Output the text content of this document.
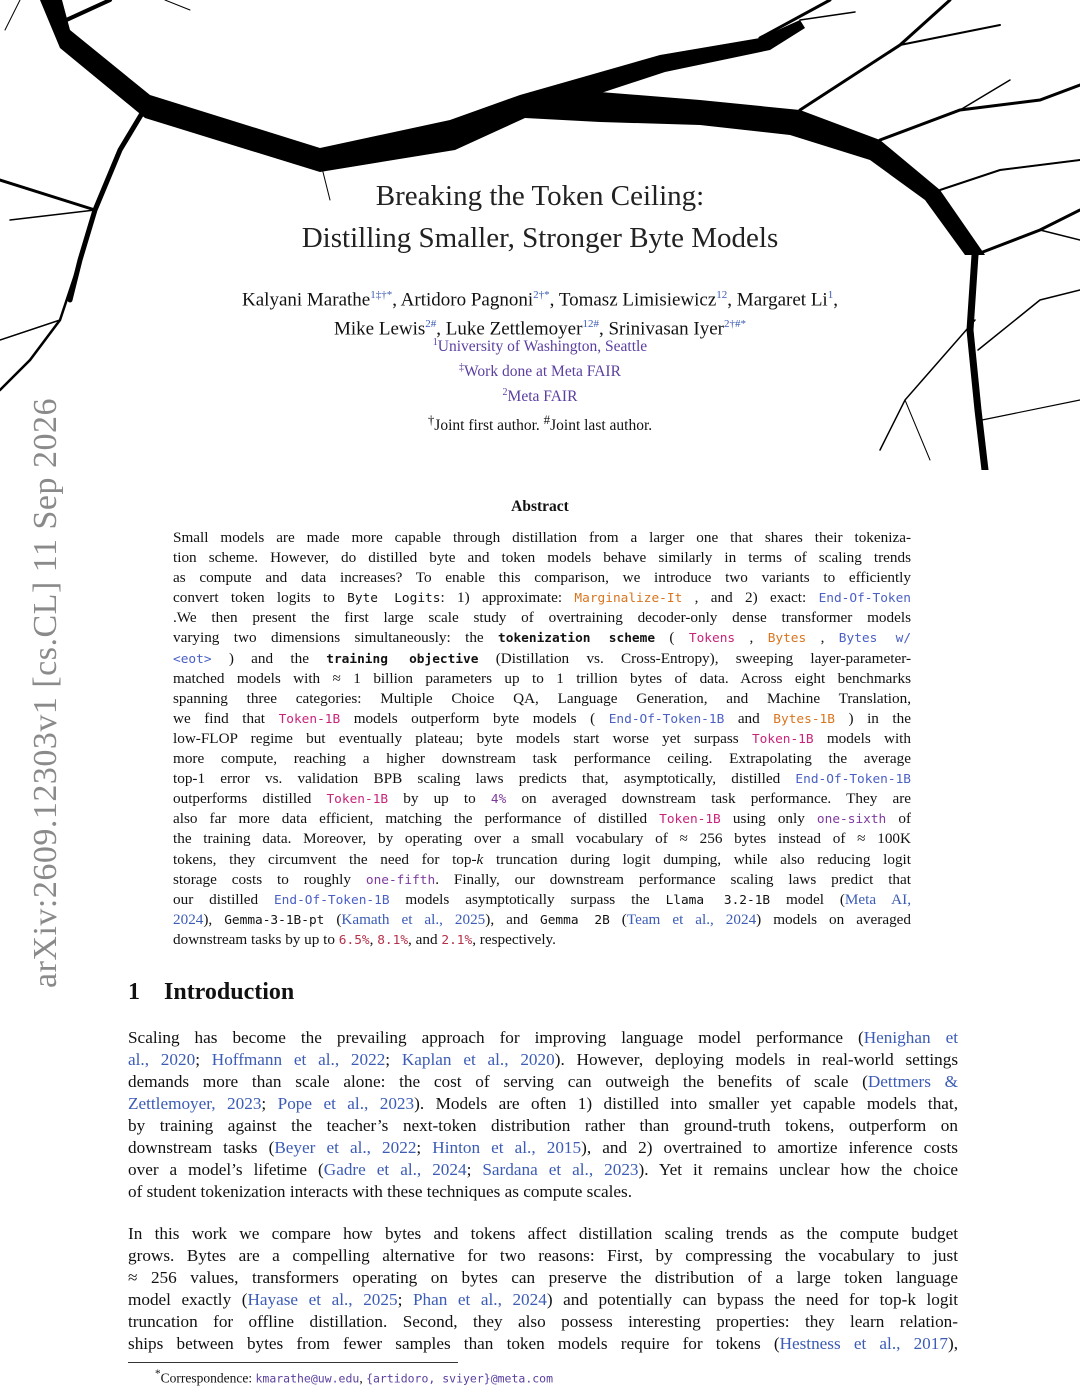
arXiv:2609.12303v1 [cs.CL] 11 Sep 2026
Breaking the Token Ceiling:
Distilling Smaller, Stronger Byte Models
Kalyani Marathe$^{1\ddagger\dagger*}$, Artidoro Pagnoni$^{2\dagger*}$, Tomasz Limisiewicz$^{12}$, Margaret Li$^1$,
Mike Lewis$^{2\#}$, Luke Zettlemoyer$^{12\#}$, Srinivasan Iyer$^{2\dagger\#*}$
$^1$University of Washington, Seattle
‡Work done at Meta FAIR
$^2$Meta FAIR
†Joint first author. #Joint last author.
Abstract
Small models are made more capable through distillation from a larger one that shares their tokeniza-
tion scheme. However, do distilled byte and token models behave similarly in terms of scaling trends
as compute and data increases? To enable this comparison, we introduce two variants to efficiently
convert token logits to Byte Logits: 1) approximate: Marginalize-It , and 2) exact: End-Of-Token
.We then present the first large scale study of overtraining decoder-only dense transformer models
varying two dimensions simultaneously: the tokenization scheme ( Tokens , Bytes , Bytes w/
<eot> ) and the training objective (Distillation vs. Cross-Entropy), sweeping layer-parameter-
matched models with ≈ 1 billion parameters up to 1 trillion bytes of data. Across eight benchmarks
spanning three categories: Multiple Choice QA, Language Generation, and Machine Translation,
we find that Token-1B models outperform byte models ( End-Of-Token-1B and Bytes-1B ) in the
low-FLOP regime but eventually plateau; byte models start worse yet surpass Token-1B models with
more compute, reaching a higher downstream task performance ceiling. Extrapolating the average
top-1 error vs. validation BPB scaling laws predicts that, asymptotically, distilled End-Of-Token-1B
outperforms distilled Token-1B by up to 4% on averaged downstream task performance. They are
also far more data efficient, matching the performance of distilled Token-1B using only one-sixth of
the training data. Moreover, by operating over a small vocabulary of ≈ 256 bytes instead of ≈ 100K
tokens, they circumvent the need for top-k truncation during logit dumping, while also reducing logit
storage costs to roughly one-fifth. Finally, our downstream performance scaling laws predict that
our distilled End-Of-Token-1B models asymptotically surpass the Llama 3.2-1B model (Meta AI,
2024), Gemma-3-1B-pt (Kamath et al., 2025), and Gemma 2B (Team et al., 2024) models on averaged
downstream tasks by up to 6.5%, 8.1%, and 2.1%, respectively.
1 Introduction
Scaling has become the prevailing approach for improving language model performance (Henighan et
al., 2020; Hoffmann et al., 2022; Kaplan et al., 2020). However, deploying models in real-world settings
demands more than scale alone: the cost of serving can outweigh the benefits of scale (Dettmers &
Zettlemoyer, 2023; Pope et al., 2023). Models are often 1) distilled into smaller yet capable models that,
by training against the teacher’s next-token distribution rather than ground-truth tokens, outperform on
downstream tasks (Beyer et al., 2022; Hinton et al., 2015), and 2) overtrained to amortize inference costs
over a model’s lifetime (Gadre et al., 2024; Sardana et al., 2023). Yet it remains unclear how the choice
of student tokenization interacts with these techniques as compute scales.
In this work we compare how bytes and tokens affect distillation scaling trends as the compute budget
grows. Bytes are a compelling alternative for two reasons: First, by compressing the vocabulary to just
≈ 256 values, transformers operating on bytes can preserve the distribution of a large token language
model exactly (Hayase et al., 2025; Phan et al., 2024) and potentially can bypass the need for top-k logit
truncation for offline distillation. Second, they also possess interesting properties: they learn relation-
ships between bytes from fewer samples than token models require for tokens (Hestness et al., 2017),
*Correspondence: kmarathe@uw.edu, {artidoro, sviyer}@meta.com
